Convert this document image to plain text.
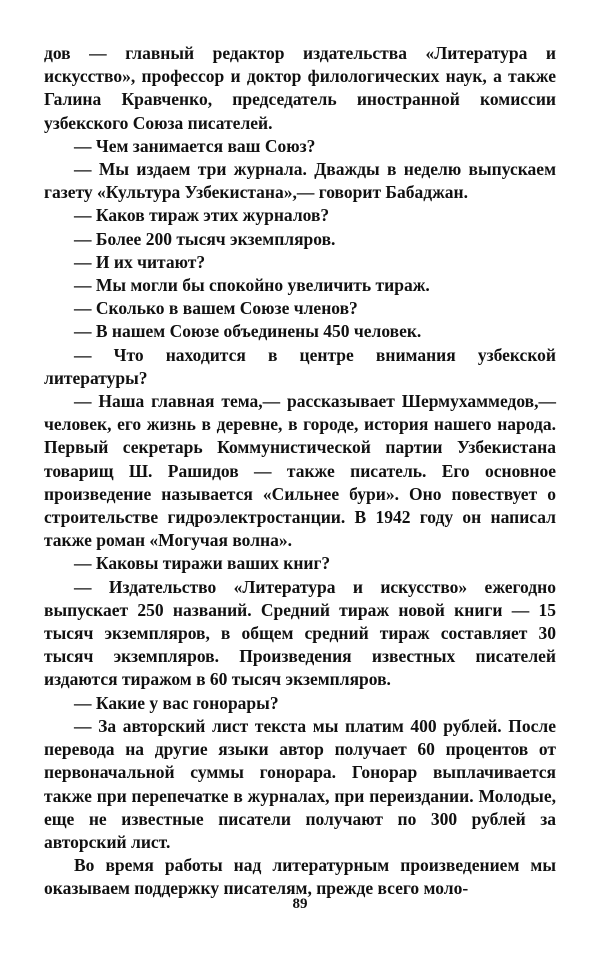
дов — главный редактор издательства «Литература и искусство», профессор и доктор филологических наук, а также Галина Кравченко, председатель иностранной комиссии узбекского Союза писателей.

— Чем занимается ваш Союз?

— Мы издаем три журнала. Дважды в неделю выпускаем газету «Культура Узбекистана»,— говорит Бабаджан.

— Каков тираж этих журналов?

— Более 200 тысяч экземпляров.

— И их читают?

— Мы могли бы спокойно увеличить тираж.

— Сколько в вашем Союзе членов?

— В нашем Союзе объединены 450 человек.

— Что находится в центре внимания узбекской литературы?

— Наша главная тема,— рассказывает Шермухаммедов,— человек, его жизнь в деревне, в городе, история нашего народа. Первый секретарь Коммунистической партии Узбекистана товарищ Ш. Рашидов — также писатель. Его основное произведение называется «Сильнее бури». Оно повествует о строительстве гидроэлектростанции. В 1942 году он написал также роман «Могучая волна».

— Каковы тиражи ваших книг?

— Издательство «Литература и искусство» ежегодно выпускает 250 названий. Средний тираж новой книги — 15 тысяч экземпляров, в общем средний тираж составляет 30 тысяч экземпляров. Произведения известных писателей издаются тиражом в 60 тысяч экземпляров.

— Какие у вас гонорары?

— За авторский лист текста мы платим 400 рублей. После перевода на другие языки автор получает 60 процентов от первоначальной суммы гонорара. Гонорар выплачивается также при перепечатке в журналах, при переиздании. Молодые, еще не известные писатели получают по 300 рублей за авторский лист.

Во время работы над литературным произведением мы оказываем поддержку писателям, прежде всего моло-

89
